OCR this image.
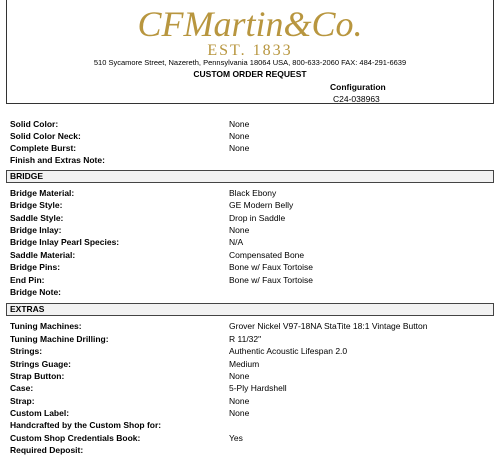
CFMartin&Co.
EST. 1833
510 Sycamore Street, Nazereth, Pennsylvania 18064 USA, 800-633-2060 FAX: 484-291-6639
CUSTOM ORDER REQUEST
Configuration
C24-038963
Solid Color:	None
Solid Color Neck:	None
Complete Burst:	None
Finish and Extras Note:
BRIDGE
Bridge Material:	Black Ebony
Bridge Style:	GE Modern Belly
Saddle Style:	Drop in Saddle
Bridge Inlay:	None
Bridge Inlay Pearl Species:	N/A
Saddle Material:	Compensated Bone
Bridge Pins:	Bone w/ Faux Tortoise
End Pin:	Bone w/ Faux Tortoise
Bridge Note:
EXTRAS
Tuning Machines:	Grover Nickel V97-18NA StaTite 18:1 Vintage Button
Tuning Machine Drilling:	R 11/32"
Strings:	Authentic Acoustic Lifespan 2.0
Strings Guage:	Medium
Strap Button:	None
Case:	5-Ply Hardshell
Strap:	None
Custom Label:	None
Handcrafted by the Custom Shop for:
Custom Shop Credentials Book:	Yes
Required Deposit:
